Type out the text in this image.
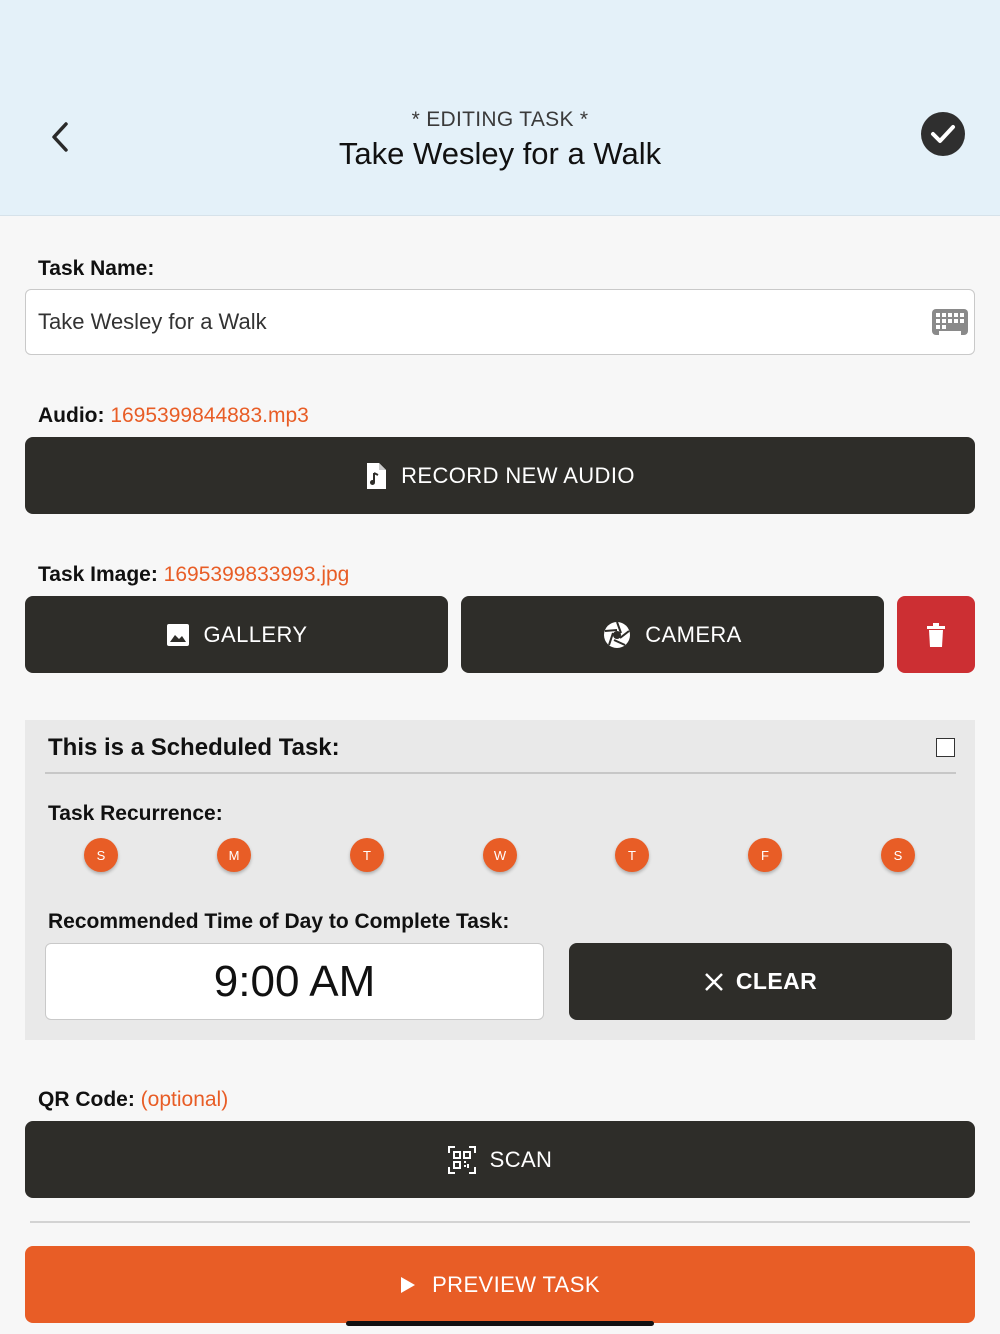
* EDITING TASK *
Take Wesley for a Walk
Task Name:
Take Wesley for a Walk
Audio: 1695399844883.mp3
RECORD NEW AUDIO
Task Image: 1695399833993.jpg
GALLERY	CAMERA
This is a Scheduled Task:
Task Recurrence:
S	M	T	W	T	F	S
Recommended Time of Day to Complete Task:
9:00 AM	CLEAR
QR Code: (optional)
SCAN
PREVIEW TASK
